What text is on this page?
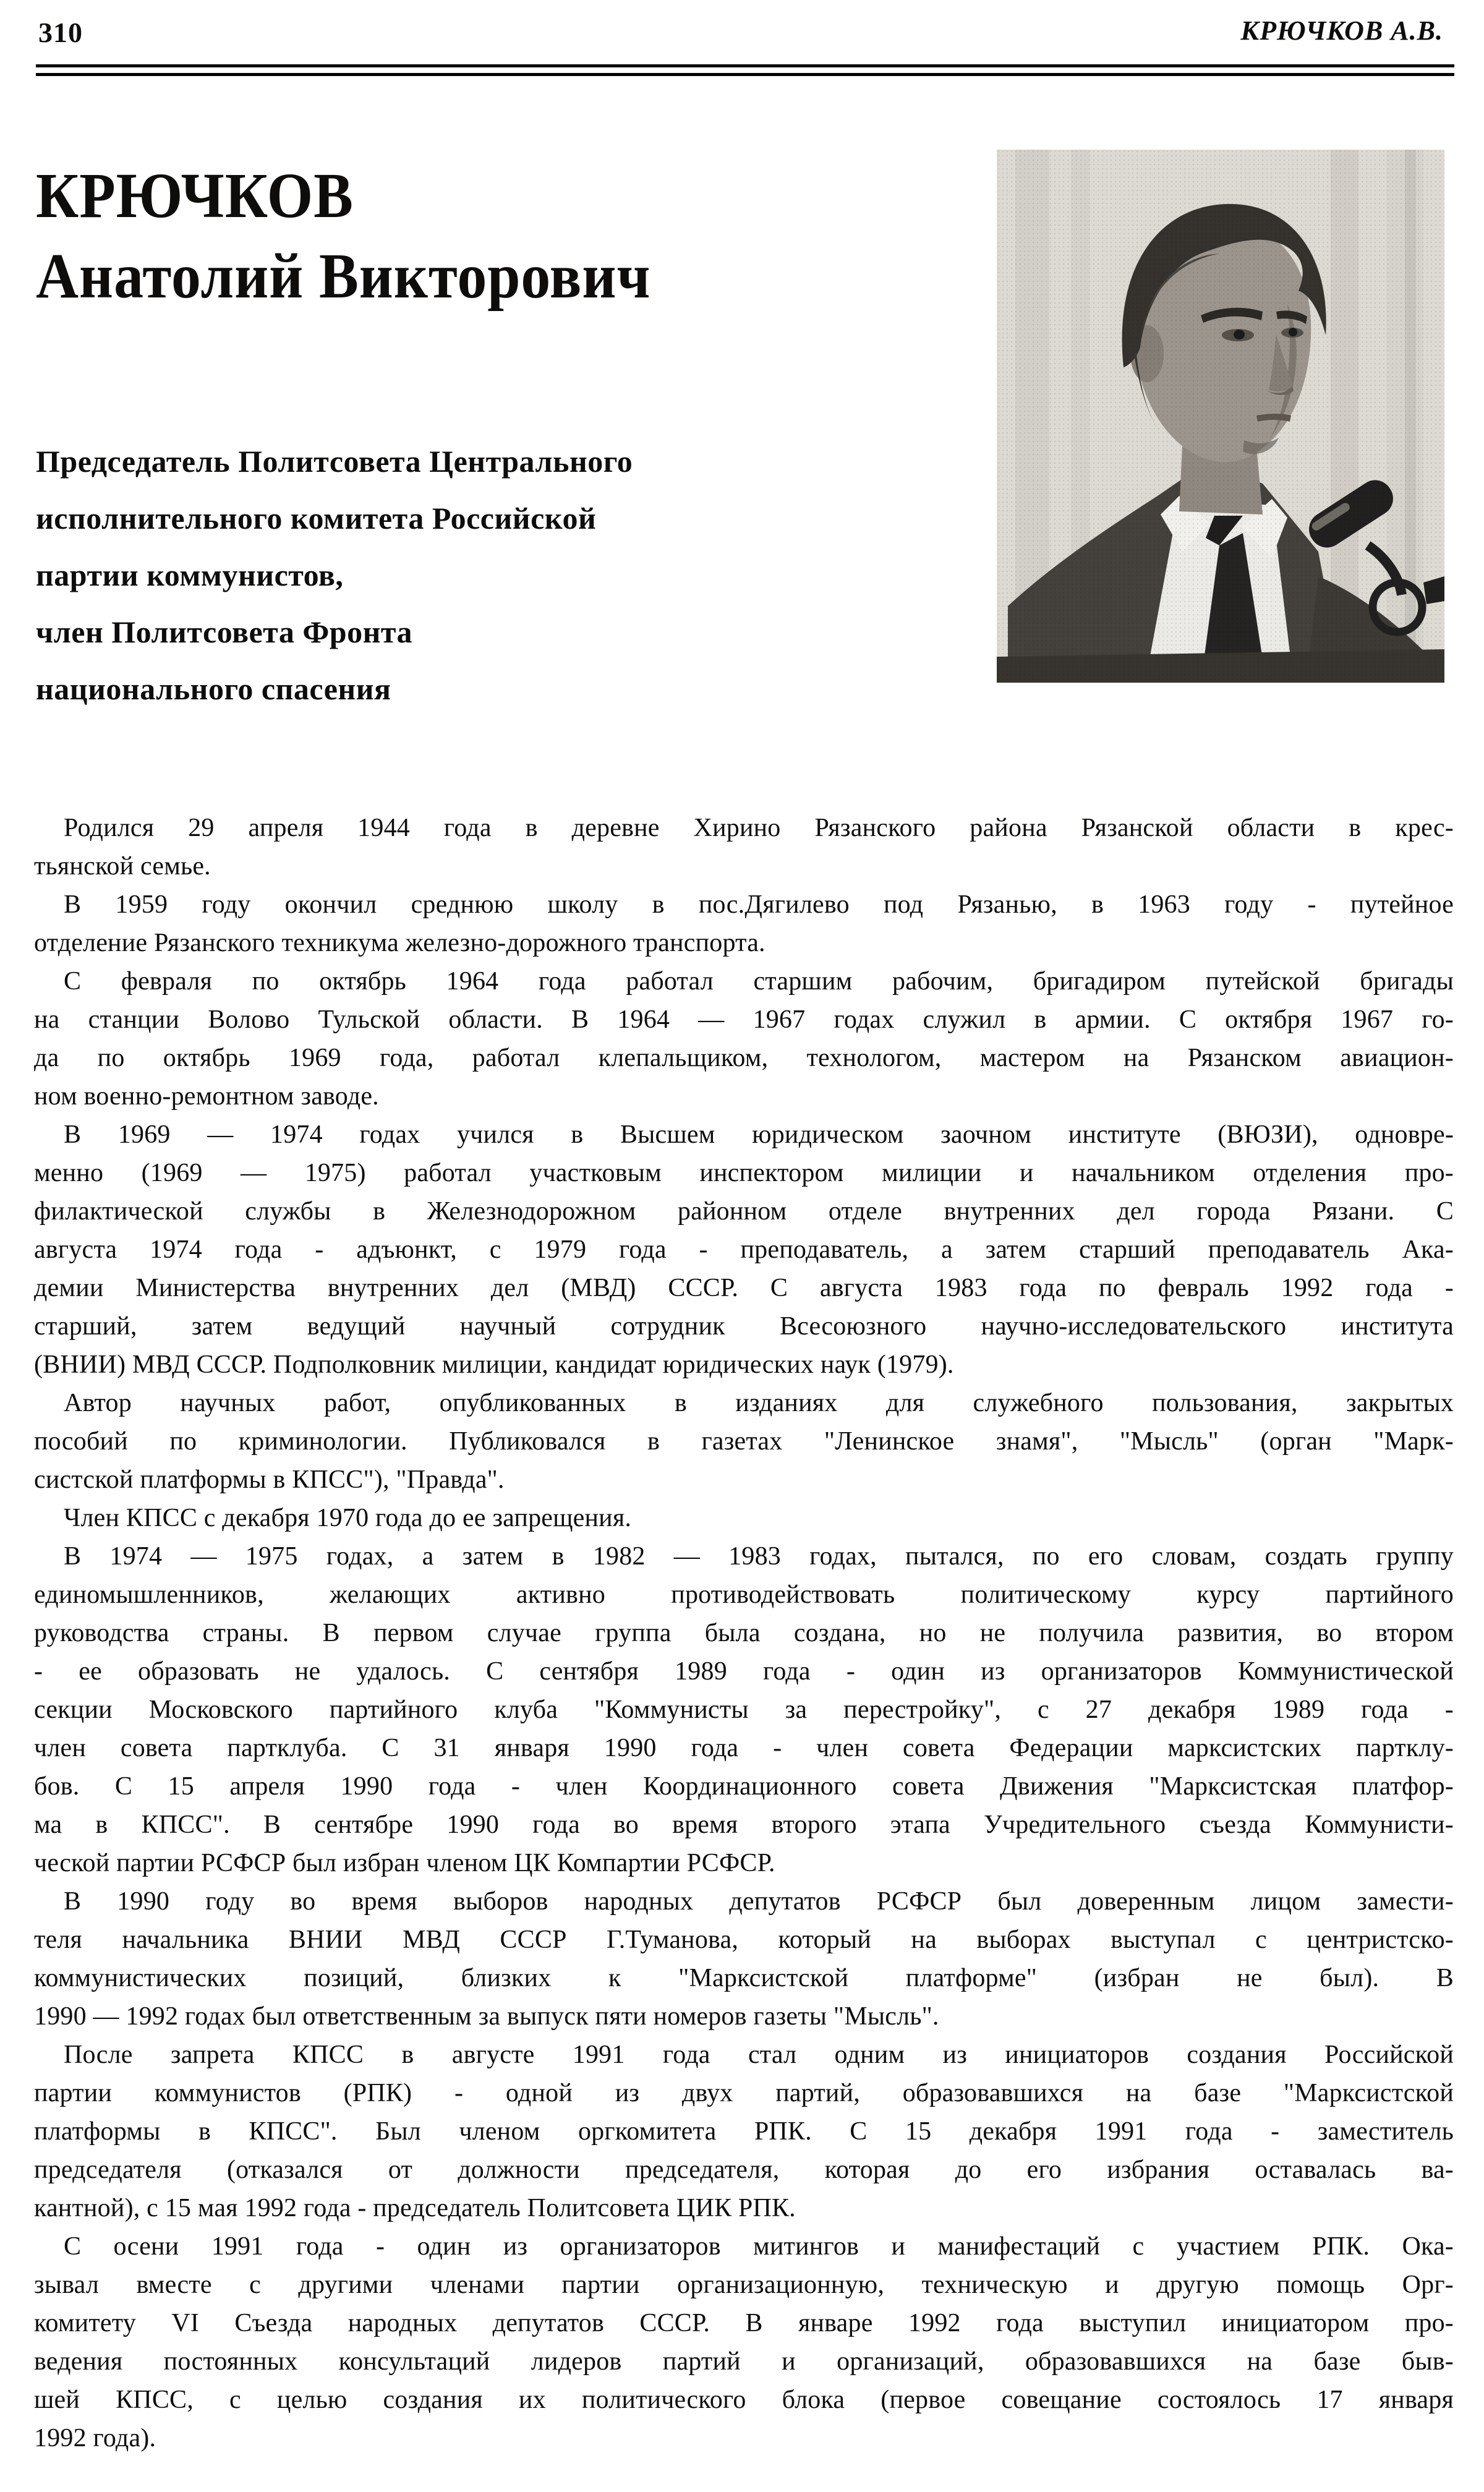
310	КРЮЧКОВ А.В.
КРЮЧКОВ
Анатолий Викторович
Председатель Политсовета Центрального
исполнительного комитета Российской
партии коммунистов,
член Политсовета Фронта
национального спасения
Родился 29 апреля 1944 года в деревне Хирино Рязанского района Рязанской области в крес-
тьянской семье.
В 1959 году окончил среднюю школу в пос.Дягилево под Рязанью, в 1963 году - путейное
отделение Рязанского техникума железно-дорожного транспорта.
С февраля по октябрь 1964 года работал старшим рабочим, бригадиром путейской бригады
на станции Волово Тульской области. В 1964 — 1967 годах служил в армии. С октября 1967 го-
да по октябрь 1969 года, работал клепальщиком, технологом, мастером на Рязанском авиацион-
ном военно-ремонтном заводе.
В 1969 — 1974 годах учился в Высшем юридическом заочном институте (ВЮЗИ), одновре-
менно (1969 — 1975) работал участковым инспектором милиции и начальником отделения про-
филактической службы в Железнодорожном районном отделе внутренних дел города Рязани. С
августа 1974 года - адъюнкт, с 1979 года - преподаватель, а затем старший преподаватель Ака-
демии Министерства внутренних дел (МВД) СССР. С августа 1983 года по февраль 1992 года -
старший, затем ведущий научный сотрудник Всесоюзного научно-исследовательского института
(ВНИИ) МВД СССР. Подполковник милиции, кандидат юридических наук (1979).
Автор научных работ, опубликованных в изданиях для служебного пользования, закрытых
пособий по криминологии. Публиковался в газетах "Ленинское знамя", "Мысль" (орган "Марк-
систской платформы в КПСС"), "Правда".
Член КПСС с декабря 1970 года до ее запрещения.
В 1974 — 1975 годах, а затем в 1982 — 1983 годах, пытался, по его словам, создать группу
единомышленников, желающих активно противодействовать политическому курсу партийного
руководства страны. В первом случае группа была создана, но не получила развития, во втором
- ее образовать не удалось. С сентября 1989 года - один из организаторов Коммунистической
секции Московского партийного клуба "Коммунисты за перестройку", с 27 декабря 1989 года -
член совета партклуба. С 31 января 1990 года - член совета Федерации марксистских партклу-
бов. С 15 апреля 1990 года - член Координационного совета Движения "Марксистская платфор-
ма в КПСС". В сентябре 1990 года во время второго этапа Учредительного съезда Коммунисти-
ческой партии РСФСР был избран членом ЦК Компартии РСФСР.
В 1990 году во время выборов народных депутатов РСФСР был доверенным лицом замести-
теля начальника ВНИИ МВД СССР Г.Туманова, который на выборах выступал с центристско-
коммунистических позиций, близких к "Марксистской платформе" (избран не был). В
1990 — 1992 годах был ответственным за выпуск пяти номеров газеты "Мысль".
После запрета КПСС в августе 1991 года стал одним из инициаторов создания Российской
партии коммунистов (РПК) - одной из двух партий, образовавшихся на базе "Марксистской
платформы в КПСС". Был членом оргкомитета РПК. С 15 декабря 1991 года - заместитель
председателя (отказался от должности председателя, которая до его избрания оставалась ва-
кантной), с 15 мая 1992 года - председатель Политсовета ЦИК РПК.
С осени 1991 года - один из организаторов митингов и манифестаций с участием РПК. Ока-
зывал вместе с другими членами партии организационную, техническую и другую помощь Орг-
комитету VI Съезда народных депутатов СССР. В январе 1992 года выступил инициатором про-
ведения постоянных консультаций лидеров партий и организаций, образовавшихся на базе быв-
шей КПСС, с целью создания их политического блока (первое совещание состоялось 17 января
1992 года).
